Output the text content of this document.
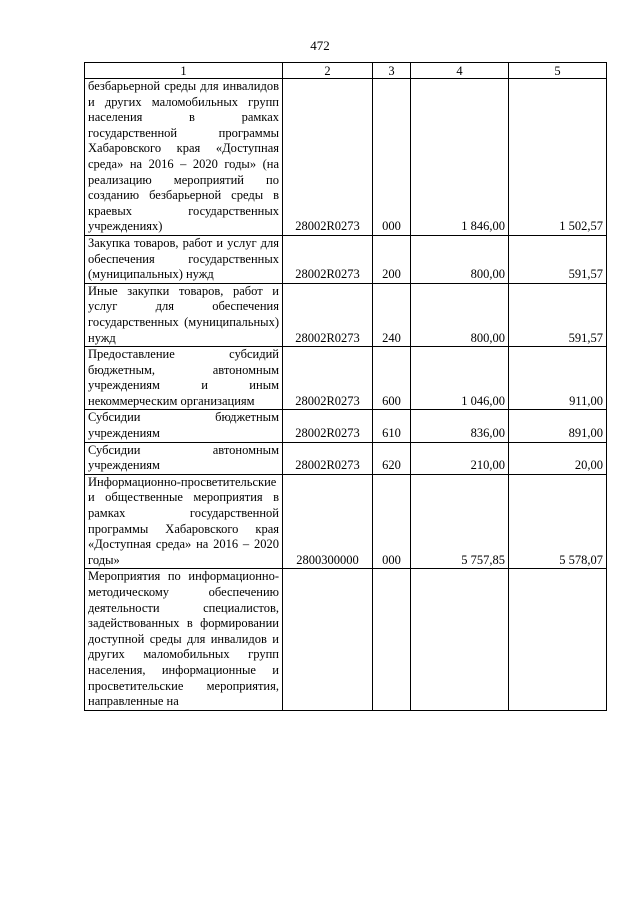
472
1	2	3	4	5
безбарьерной среды для инвалидов и других маломобильных групп населения в рамках государственной программы Хабаровского края «Доступная среда» на 2016 – 2020 годы» (на реализацию мероприятий по созданию безбарьерной среды в краевых государственных учреждениях)	28002R0273	000	1 846,00	1 502,57
Закупка товаров, работ и услуг для обеспечения государственных (муниципальных) нужд	28002R0273	200	800,00	591,57
Иные закупки товаров, работ и услуг для обеспечения государственных (муниципальных) нужд	28002R0273	240	800,00	591,57
Предоставление субсидий бюджетным, автономным учреждениям и иным некоммерческим организациям	28002R0273	600	1 046,00	911,00
Субсидии бюджетным учреждениям	28002R0273	610	836,00	891,00
Субсидии автономным учреждениям	28002R0273	620	210,00	20,00
Информационно-просветительские и общественные мероприятия в рамках государственной программы Хабаровского края «Доступная среда» на 2016 – 2020 годы»	2800300000	000	5 757,85	5 578,07
Мероприятия по информационно-методическому обеспечению деятельности специалистов, задействованных в формировании доступной среды для инвалидов и других маломобильных групп населения, информационные и просветительские мероприятия, направленные на				
